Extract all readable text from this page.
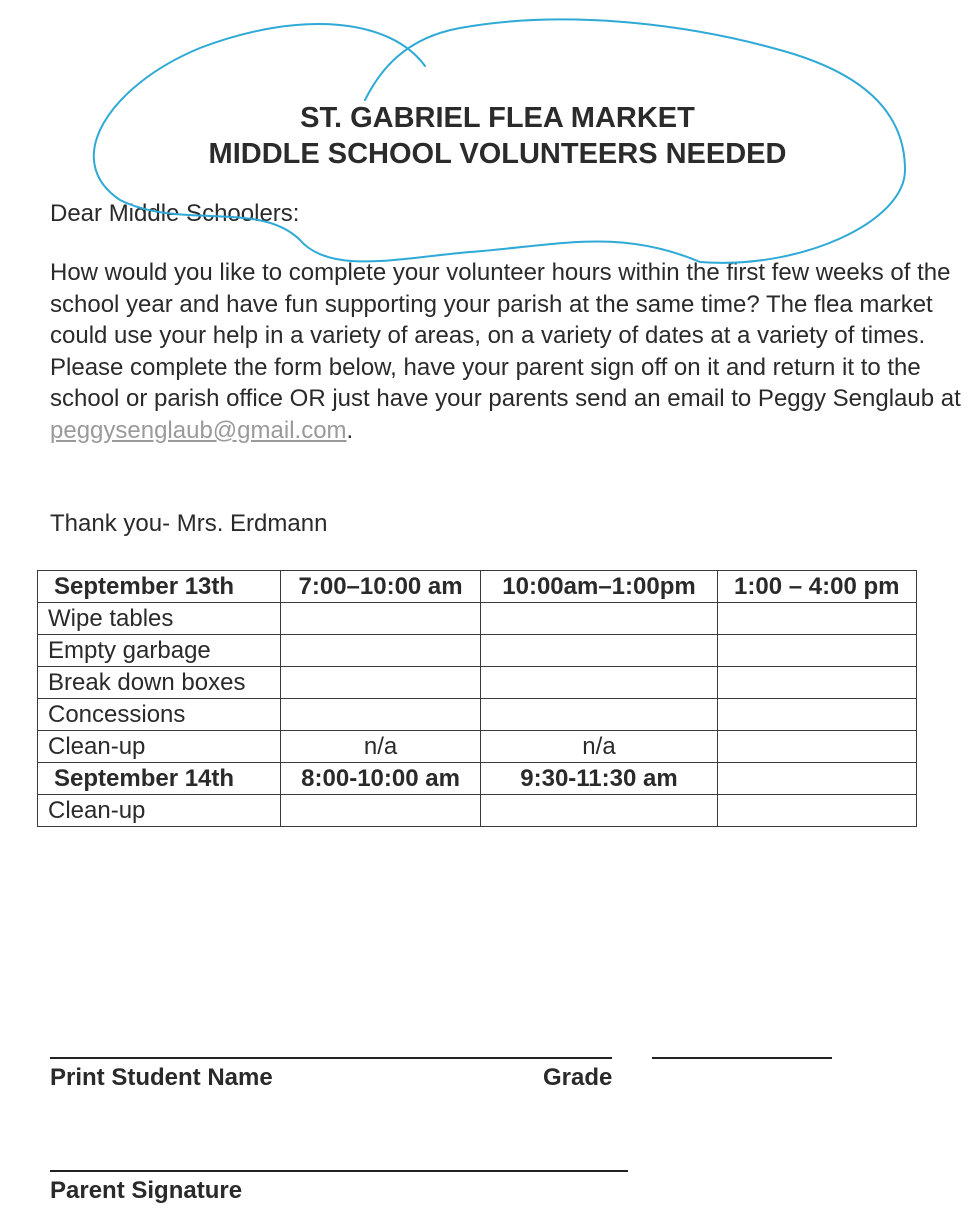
ST. GABRIEL FLEA MARKET
MIDDLE SCHOOL VOLUNTEERS NEEDED
Dear Middle Schoolers:
How would you like to complete your volunteer hours within the first few weeks of the school year and have fun supporting your parish at the same time? The flea market could use your help in a variety of areas, on a variety of dates at a variety of times.
Please complete the form below, have your parent sign off on it and return it to the school or parish office OR just have your parents send an email to Peggy Senglaub at peggysenglaub@gmail.com.
Thank you- Mrs. Erdmann
September 13th	7:00–10:00 am	10:00am–1:00pm	1:00 – 4:00 pm
Wipe tables			
Empty garbage			
Break down boxes			
Concessions			
Clean-up	n/a	n/a	
September 14th	8:00-10:00 am	9:30-11:30 am	
Clean-up			
Print Student Name	Grade
Parent Signature
